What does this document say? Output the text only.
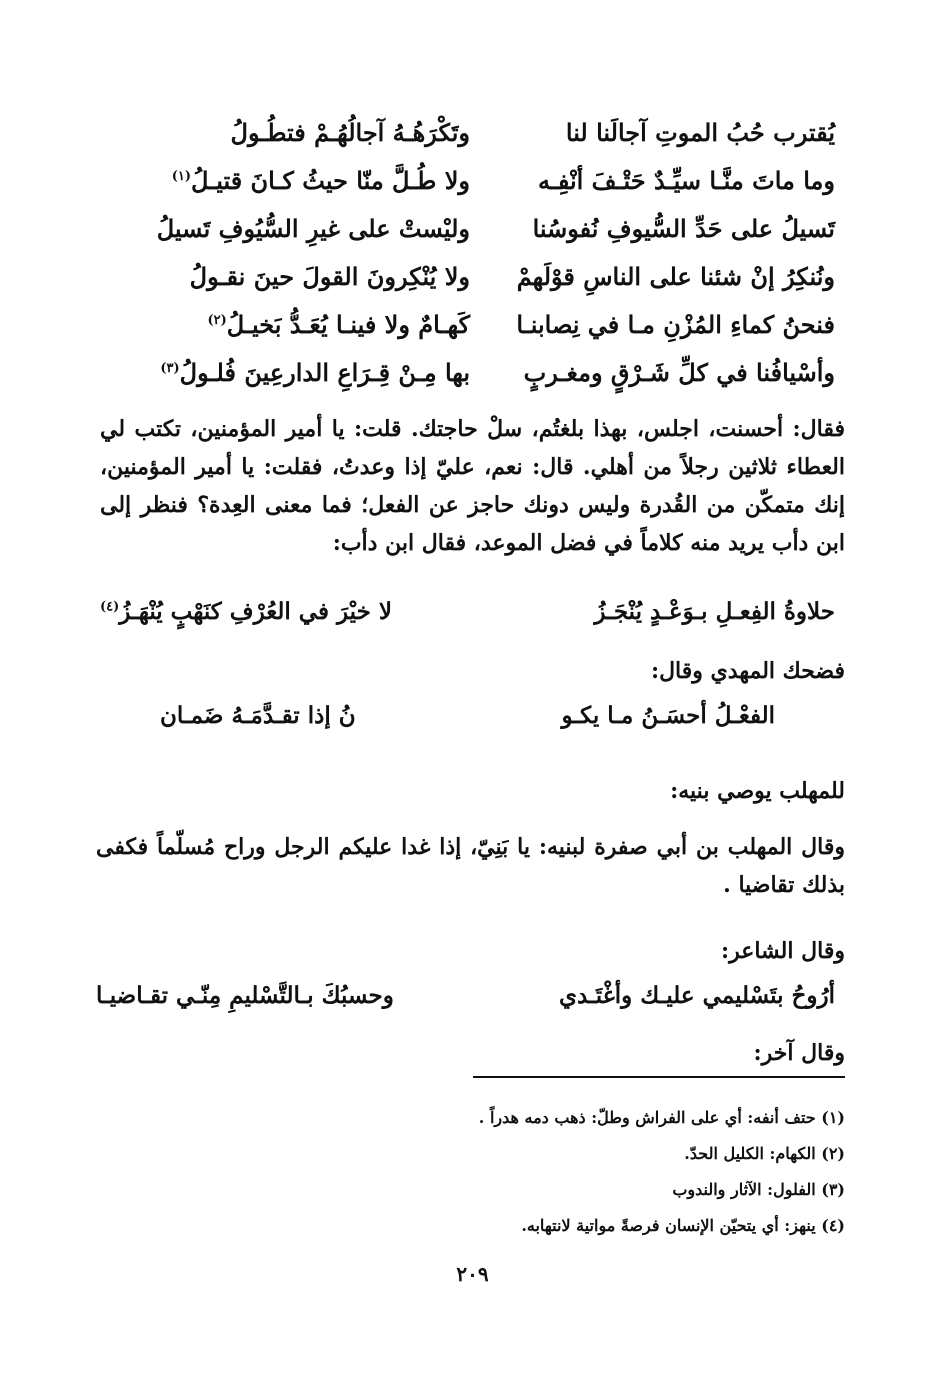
يُقترب حُبُ الموتِ آجالَنا لنا
وتَكْرَهُـهُ آجالُهُـمْ فتطُـولُ
وما ماتَ منَّـا سيِّـدٌ حَتْـفَ أنْفِـه
ولا طُـلَّ منّا حيثُ كـانَ قتيـلُ$^{(١)}$
تَسيلُ على حَدِّ السُّيوفِ نُفوسُنا
وليْستْ على غيرِ السُّيُوفِ تَسيلُ
ونُنكِرُ إنْ شئنا على الناسِ قوْلَهمْ
ولا يُنْكِرونَ القولَ حينَ نقـولُ
فنحنُ كماءِ المُزْنِ مـا في نِصابنـا
كَهـامٌ ولا فينـا يُعَـدُّ بَخيـلُ$^{(٢)}$
وأسْيافُنا في كلِّ شَـرْقٍ ومغـربٍ
بها مِـنْ قِـرَاعِ الدارعِينَ فُلـولُ$^{(٣)}$
فقال: أحسنت، اجلس، بهذا بلغتُم، سلْ حاجتك. قلت: يا أمير المؤمنين، تكتب لي العطاء ثلاثين رجلاً من أهلي. قال: نعم، عليّ إذا وعدتُ، فقلت: يا أمير المؤمنين، إنك متمكّن من القُدرة وليس دونك حاجز عن الفعل؛ فما معنى العِدة؟ فنظر إلى ابن دأب يريد منه كلاماً في فضل الموعد، فقال ابن دأب:
حلاوةُ الفِعـلِ بـوَعْـدٍ يُنْجَـزُ
لا خيْرَ في العُرْفِ كنَهْبٍ يُنْهَـزُ$^{(٤)}$
فضحك المهدي وقال:
الفعْـلُ أحسَـنُ مـا يكـو
نُ إذا تقـدَّمَـهُ ضَمـان
للمهلب يوصي بنيه:
وقال المهلب بن أبي صفرة لبنيه: يا بَنِيّ، إذا غدا عليكم الرجل وراح مُسلّماً فكفى بذلك تقاضيا .
وقال الشاعر:
أرُوحُ بتَسْليمي عليـك وأغْتَـدي
وحسبُكَ بـالتَّسْليمِ مِنّـي تقـاضيـا
وقال آخر:
(١) حتف أنفه: أي على الفراش وطلّ: ذهب دمه هدراً .
(٢) الكهام: الكليل الحدّ.
(٣) الفلول: الآثار والندوب
(٤) ينهز: أي يتحيّن الإنسان فرصةً مواتية لانتهابه.
٢٠٩
